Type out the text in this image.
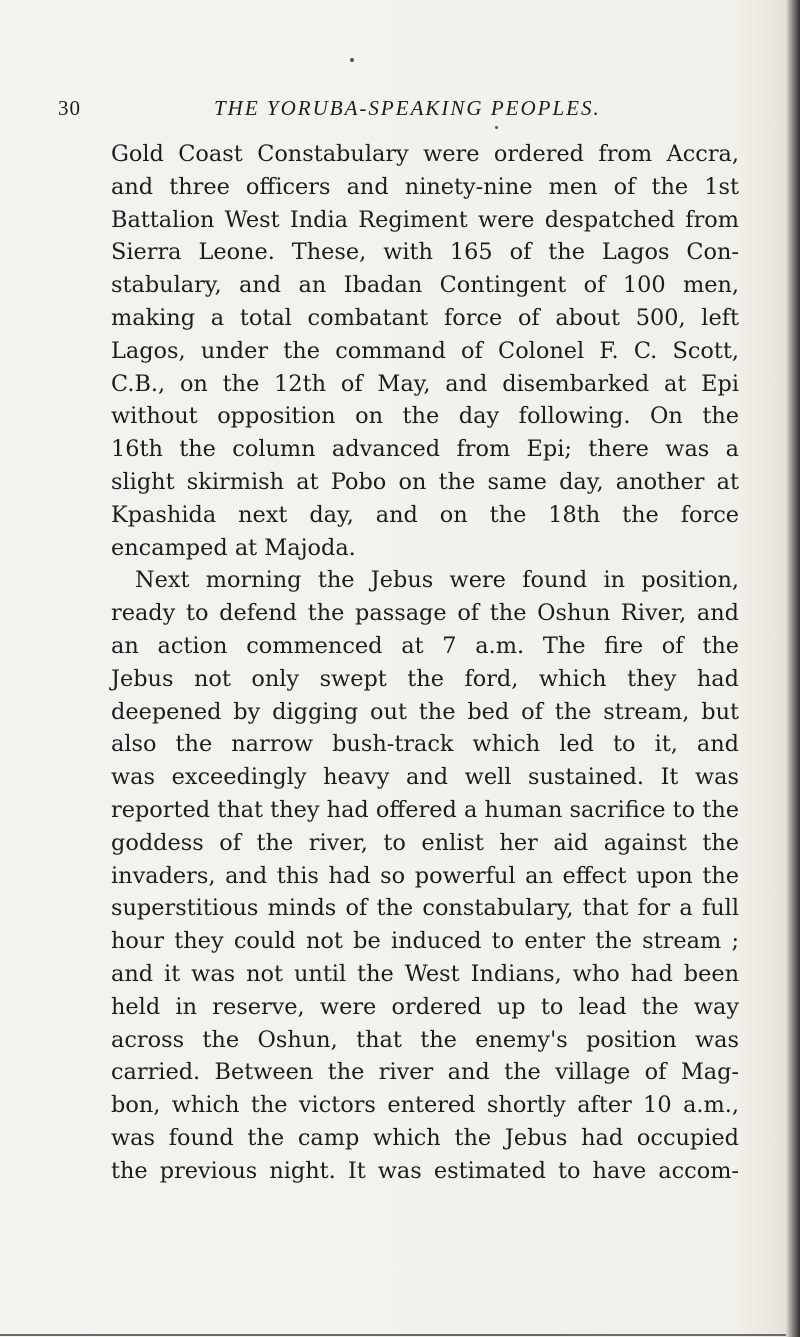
30	THE YORUBA-SPEAKING PEOPLES.
Gold Coast Constabulary were ordered from Accra,
and three officers and ninety-nine men of the 1st
Battalion West India Regiment were despatched from
Sierra Leone. These, with 165 of the Lagos Con-
stabulary, and an Ibadan Contingent of 100 men,
making a total combatant force of about 500, left
Lagos, under the command of Colonel F. C. Scott,
C.B., on the 12th of May, and disembarked at Epi
without opposition on the day following. On the
16th the column advanced from Epi; there was a
slight skirmish at Pobo on the same day, another at
Kpashida next day, and on the 18th the force
encamped at Majoda.
Next morning the Jebus were found in position,
ready to defend the passage of the Oshun River, and
an action commenced at 7 a.m. The fire of the
Jebus not only swept the ford, which they had
deepened by digging out the bed of the stream, but
also the narrow bush-track which led to it, and
was exceedingly heavy and well sustained. It was
reported that they had offered a human sacrifice to the
goddess of the river, to enlist her aid against the
invaders, and this had so powerful an effect upon the
superstitious minds of the constabulary, that for a full
hour they could not be induced to enter the stream ;
and it was not until the West Indians, who had been
held in reserve, were ordered up to lead the way
across the Oshun, that the enemy's position was
carried. Between the river and the village of Mag-
bon, which the victors entered shortly after 10 a.m.,
was found the camp which the Jebus had occupied
the previous night. It was estimated to have accom-
